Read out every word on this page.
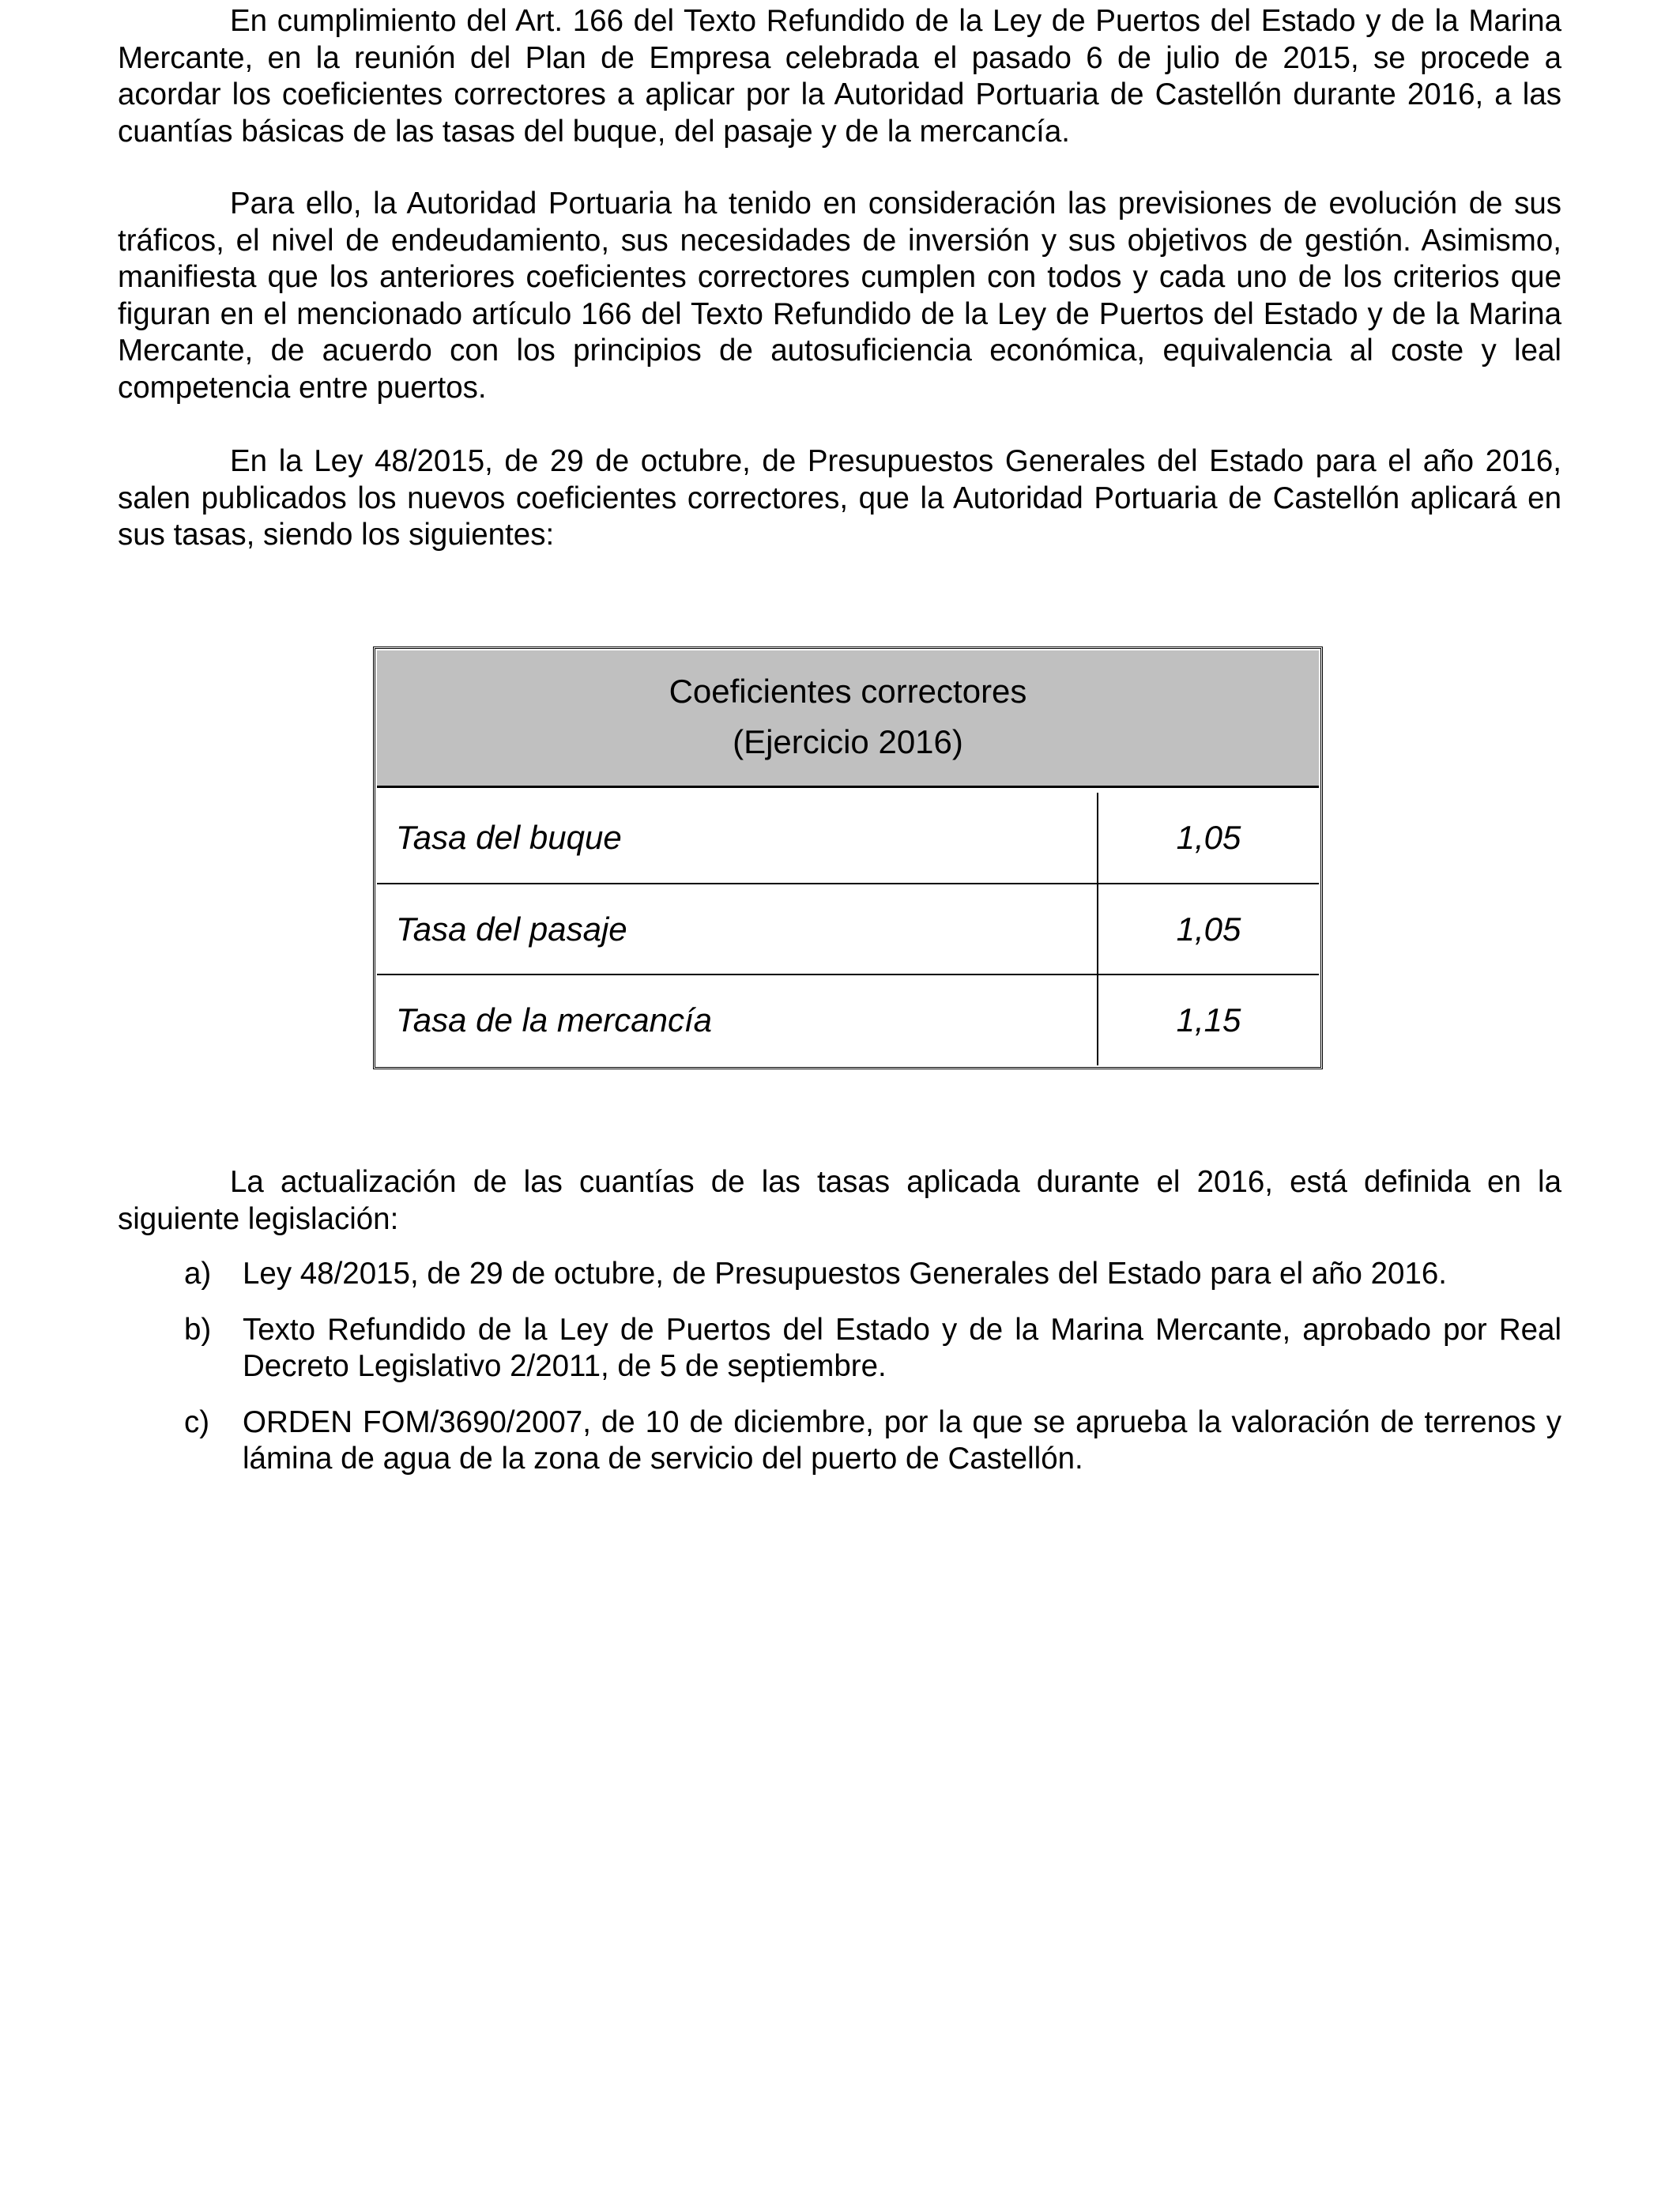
En cumplimiento del Art. 166 del Texto Refundido de la Ley de Puertos del Estado y de la Marina Mercante, en la reunión del Plan de Empresa celebrada el pasado 6 de julio de 2015, se procede a acordar los coeficientes correctores a aplicar por la Autoridad Portuaria de Castellón durante 2016, a las cuantías básicas de las tasas del buque, del pasaje y de la mercancía.

Para ello, la Autoridad Portuaria ha tenido en consideración las previsiones de evolución de sus tráficos, el nivel de endeudamiento, sus necesidades de inversión y sus objetivos de gestión. Asimismo, manifiesta que los anteriores coeficientes correctores cumplen con todos y cada uno de los criterios que figuran en el mencionado artículo 166 del Texto Refundido de la Ley de Puertos del Estado y de la Marina Mercante, de acuerdo con los principios de autosuficiencia económica, equivalencia al coste y leal competencia entre puertos.

En la Ley 48/2015, de 29 de octubre, de Presupuestos Generales del Estado para el año 2016, salen publicados los nuevos coeficientes correctores, que la Autoridad Portuaria de Castellón aplicará en sus tasas, siendo los siguientes:

Coeficientes correctores
(Ejercicio 2016)
Tasa del buque	1,05
Tasa del pasaje	1,05
Tasa de la mercancía	1,15

La actualización de las cuantías de las tasas aplicada durante el 2016, está definida en la siguiente legislación:

a) Ley 48/2015, de 29 de octubre, de Presupuestos Generales del Estado para el año 2016.
b) Texto Refundido de la Ley de Puertos del Estado y de la Marina Mercante, aprobado por Real Decreto Legislativo 2/2011, de 5 de septiembre.
c) ORDEN FOM/3690/2007, de 10 de diciembre, por la que se aprueba la valoración de terrenos y lámina de agua de la zona de servicio del puerto de Castellón.
